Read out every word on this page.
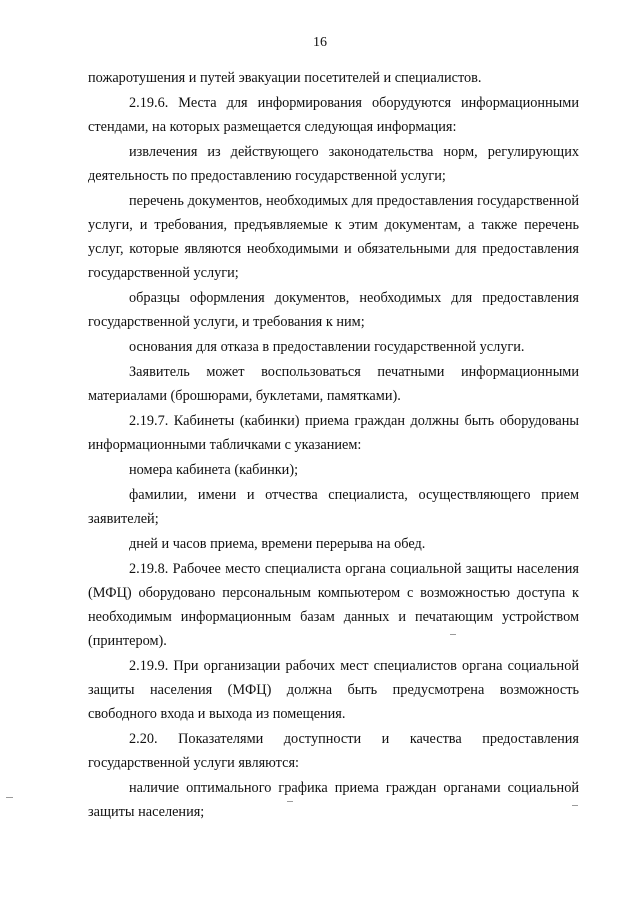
16

пожаротушения и путей эвакуации посетителей и специалистов.

2.19.6. Места для информирования оборудуются информационными стендами, на которых размещается следующая информация:

извлечения из действующего законодательства норм, регулирующих деятельность по предоставлению государственной услуги;

перечень документов, необходимых для предоставления государственной услуги, и требования, предъявляемые к этим документам, а также перечень услуг, которые являются необходимыми и обязательными для предоставления государственной услуги;

образцы оформления документов, необходимых для предоставления государственной услуги, и требования к ним;

основания для отказа в предоставлении государственной услуги.

Заявитель может воспользоваться печатными информационными материалами (брошюрами, буклетами, памятками).

2.19.7. Кабинеты (кабинки) приема граждан должны быть оборудованы информационными табличками с указанием:

номера кабинета (кабинки);

фамилии, имени и отчества специалиста, осуществляющего прием заявителей;

дней и часов приема, времени перерыва на обед.

2.19.8. Рабочее место специалиста органа социальной защиты населения (МФЦ) оборудовано персональным компьютером с возможностью доступа к необходимым информационным базам данных и печатающим устройством (принтером).

2.19.9. При организации рабочих мест специалистов органа социальной защиты населения (МФЦ) должна быть предусмотрена возможность свободного входа и выхода из помещения.

2.20. Показателями доступности и качества предоставления государственной услуги являются:

наличие оптимального графика приема граждан органами социальной защиты населения;
